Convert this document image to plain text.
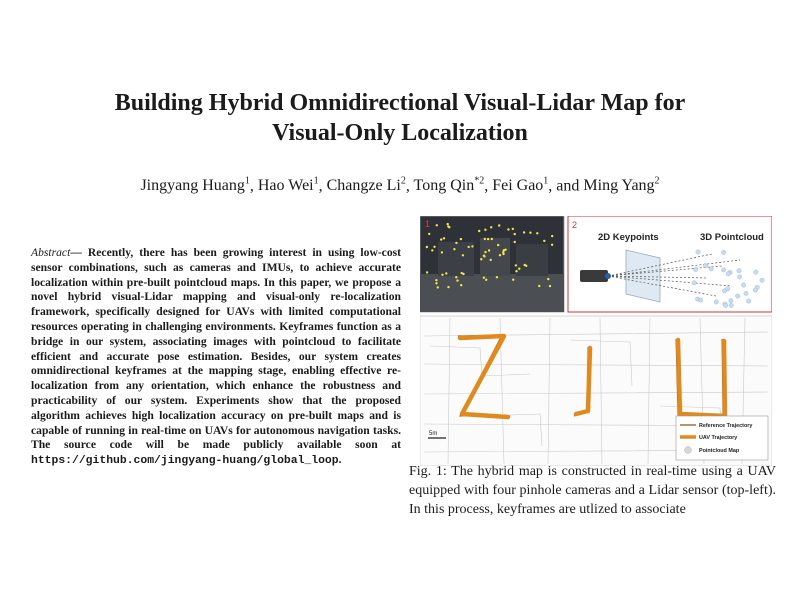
Building Hybrid Omnidirectional Visual-Lidar Map for
Visual-Only Localization
Jingyang Huang$^1$, Hao Wei$^1$, Changze Li$^2$, Tong Qin$^{*2}$, Fei Gao$^1$, and Ming Yang$^2$
Abstract— Recently, there has been growing interest in using low-cost sensor combinations, such as cameras and IMUs, to achieve accurate localization within pre-built pointcloud maps. In this paper, we propose a novel hybrid visual-Lidar mapping and visual-only re-localization framework, specifically designed for UAVs with limited computational resources operating in challenging environments. Keyframes function as a bridge in our system, associating images with pointcloud to facilitate efficient and accurate pose estimation. Besides, our system creates omnidirectional keyframes at the mapping stage, enabling effective re-localization from any orientation, which enhance the robustness and practicability of our system. Experiments show that the proposed algorithm achieves high localization accuracy on pre-built maps and is capable of running in real-time on UAVs for autonomous navigation tasks. The source code will be made publicly available soon at https://github.com/jingyang-huang/global_loop.
1	2
2D Keypoints	3D Pointcloud
5m
Reference Trajectory
UAV Trajectory
Pointcloud Map
Fig. 1: The hybrid map is constructed in real-time using a UAV equipped with four pinhole cameras and a Lidar sensor (top-left). In this process, keyframes are utlized to associate
